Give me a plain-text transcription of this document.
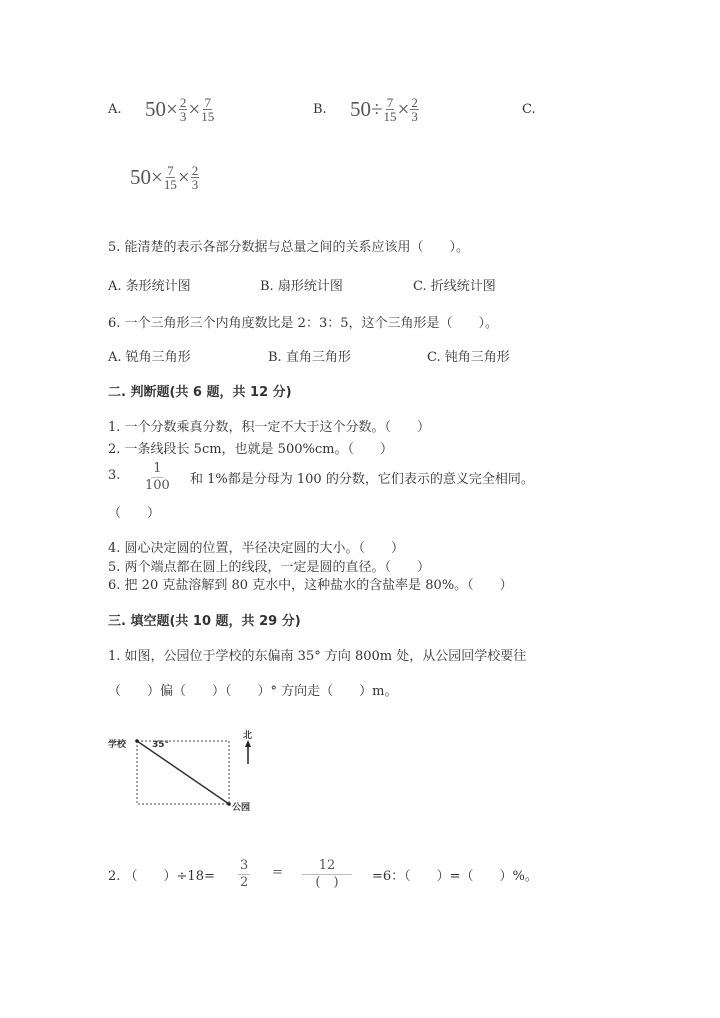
A. $50 \times \frac{2}{3} \times \frac{7}{15}$	B. $50 \div \frac{7}{15} \times \frac{2}{3}$	C.
$50 \times \frac{7}{15} \times \frac{2}{3}$
5. 能清楚的表示各部分数据与总量之间的关系应该用（　　）。
A. 条形统计图	B. 扇形统计图	C. 折线统计图
6. 一个三角形三个内角度数比是 2：3：5，这个三角形是（　　）。
A. 锐角三角形	B. 直角三角形	C. 钝角三角形
二. 判断题(共 6 题，共 12 分)
1. 一个分数乘真分数，积一定不大于这个分数。（　　）
2. 一条线段长 5cm，也就是 500%cm。（　　）
3. $\frac{1}{100}$ 和 1%都是分母为 100 的分数，它们表示的意义完全相同。
（　　）
4. 圆心决定圆的位置，半径决定圆的大小。（　　）
5. 两个端点都在圆上的线段，一定是圆的直径。（　　）
6. 把 20 克盐溶解到 80 克水中，这种盐水的含盐率是 80%。（　　）
三. 填空题(共 10 题，共 29 分)
1. 如图，公园位于学校的东偏南 35° 方向 800m 处，从公园回学校要往
（　　）偏（　　）（　　）° 方向走（　　）m。
学校
公园
35°
北
2. （　　）$\div 18= \frac{3}{2}$ =	12
(　)	=6：（　　）=（　　）%。
